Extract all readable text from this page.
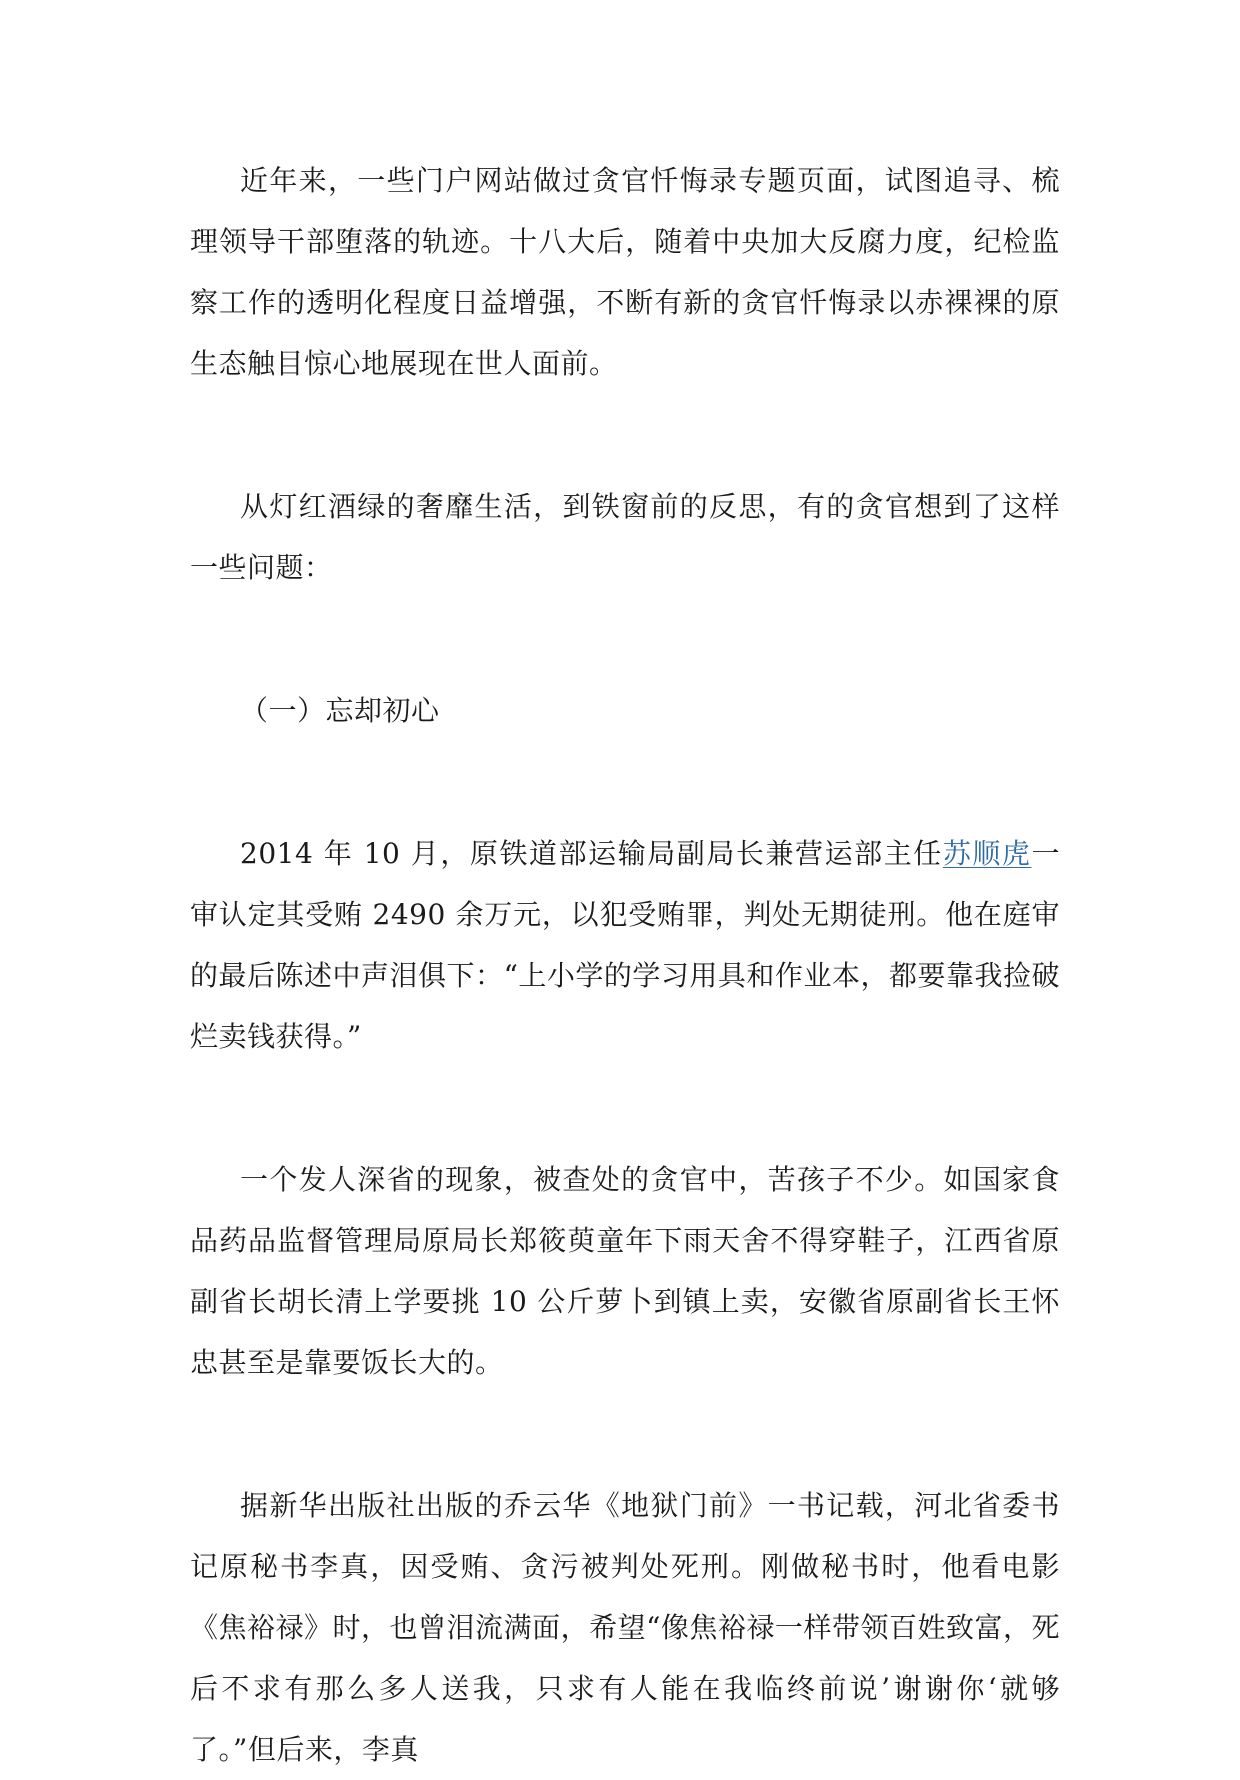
近年来，一些门户网站做过贪官忏悔录专题页面，试图追寻、梳理领导干部堕落的轨迹。十八大后，随着中央加大反腐力度，纪检监察工作的透明化程度日益增强，不断有新的贪官忏悔录以赤裸裸的原生态触目惊心地展现在世人面前。

从灯红酒绿的奢靡生活，到铁窗前的反思，有的贪官想到了这样一些问题：

（一）忘却初心

2014 年 10 月，原铁道部运输局副局长兼营运部主任苏顺虎一审认定其受贿 2490 余万元，以犯受贿罪，判处无期徒刑。他在庭审的最后陈述中声泪俱下：“上小学的学习用具和作业本，都要靠我捡破烂卖钱获得。”

一个发人深省的现象，被查处的贪官中，苦孩子不少。如国家食品药品监督管理局原局长郑筱萸童年下雨天舍不得穿鞋子，江西省原副省长胡长清上学要挑 10 公斤萝卜到镇上卖，安徽省原副省长王怀忠甚至是靠要饭长大的。

据新华出版社出版的乔云华《地狱门前》一书记载，河北省委书记原秘书李真，因受贿、贪污被判处死刑。刚做秘书时，他看电影《焦裕禄》时，也曾泪流满面，希望“像焦裕禄一样带领百姓致富，死后不求有那么多人送我，只求有人能在我临终前说’谢谢你‘就够了。”但后来，李真
